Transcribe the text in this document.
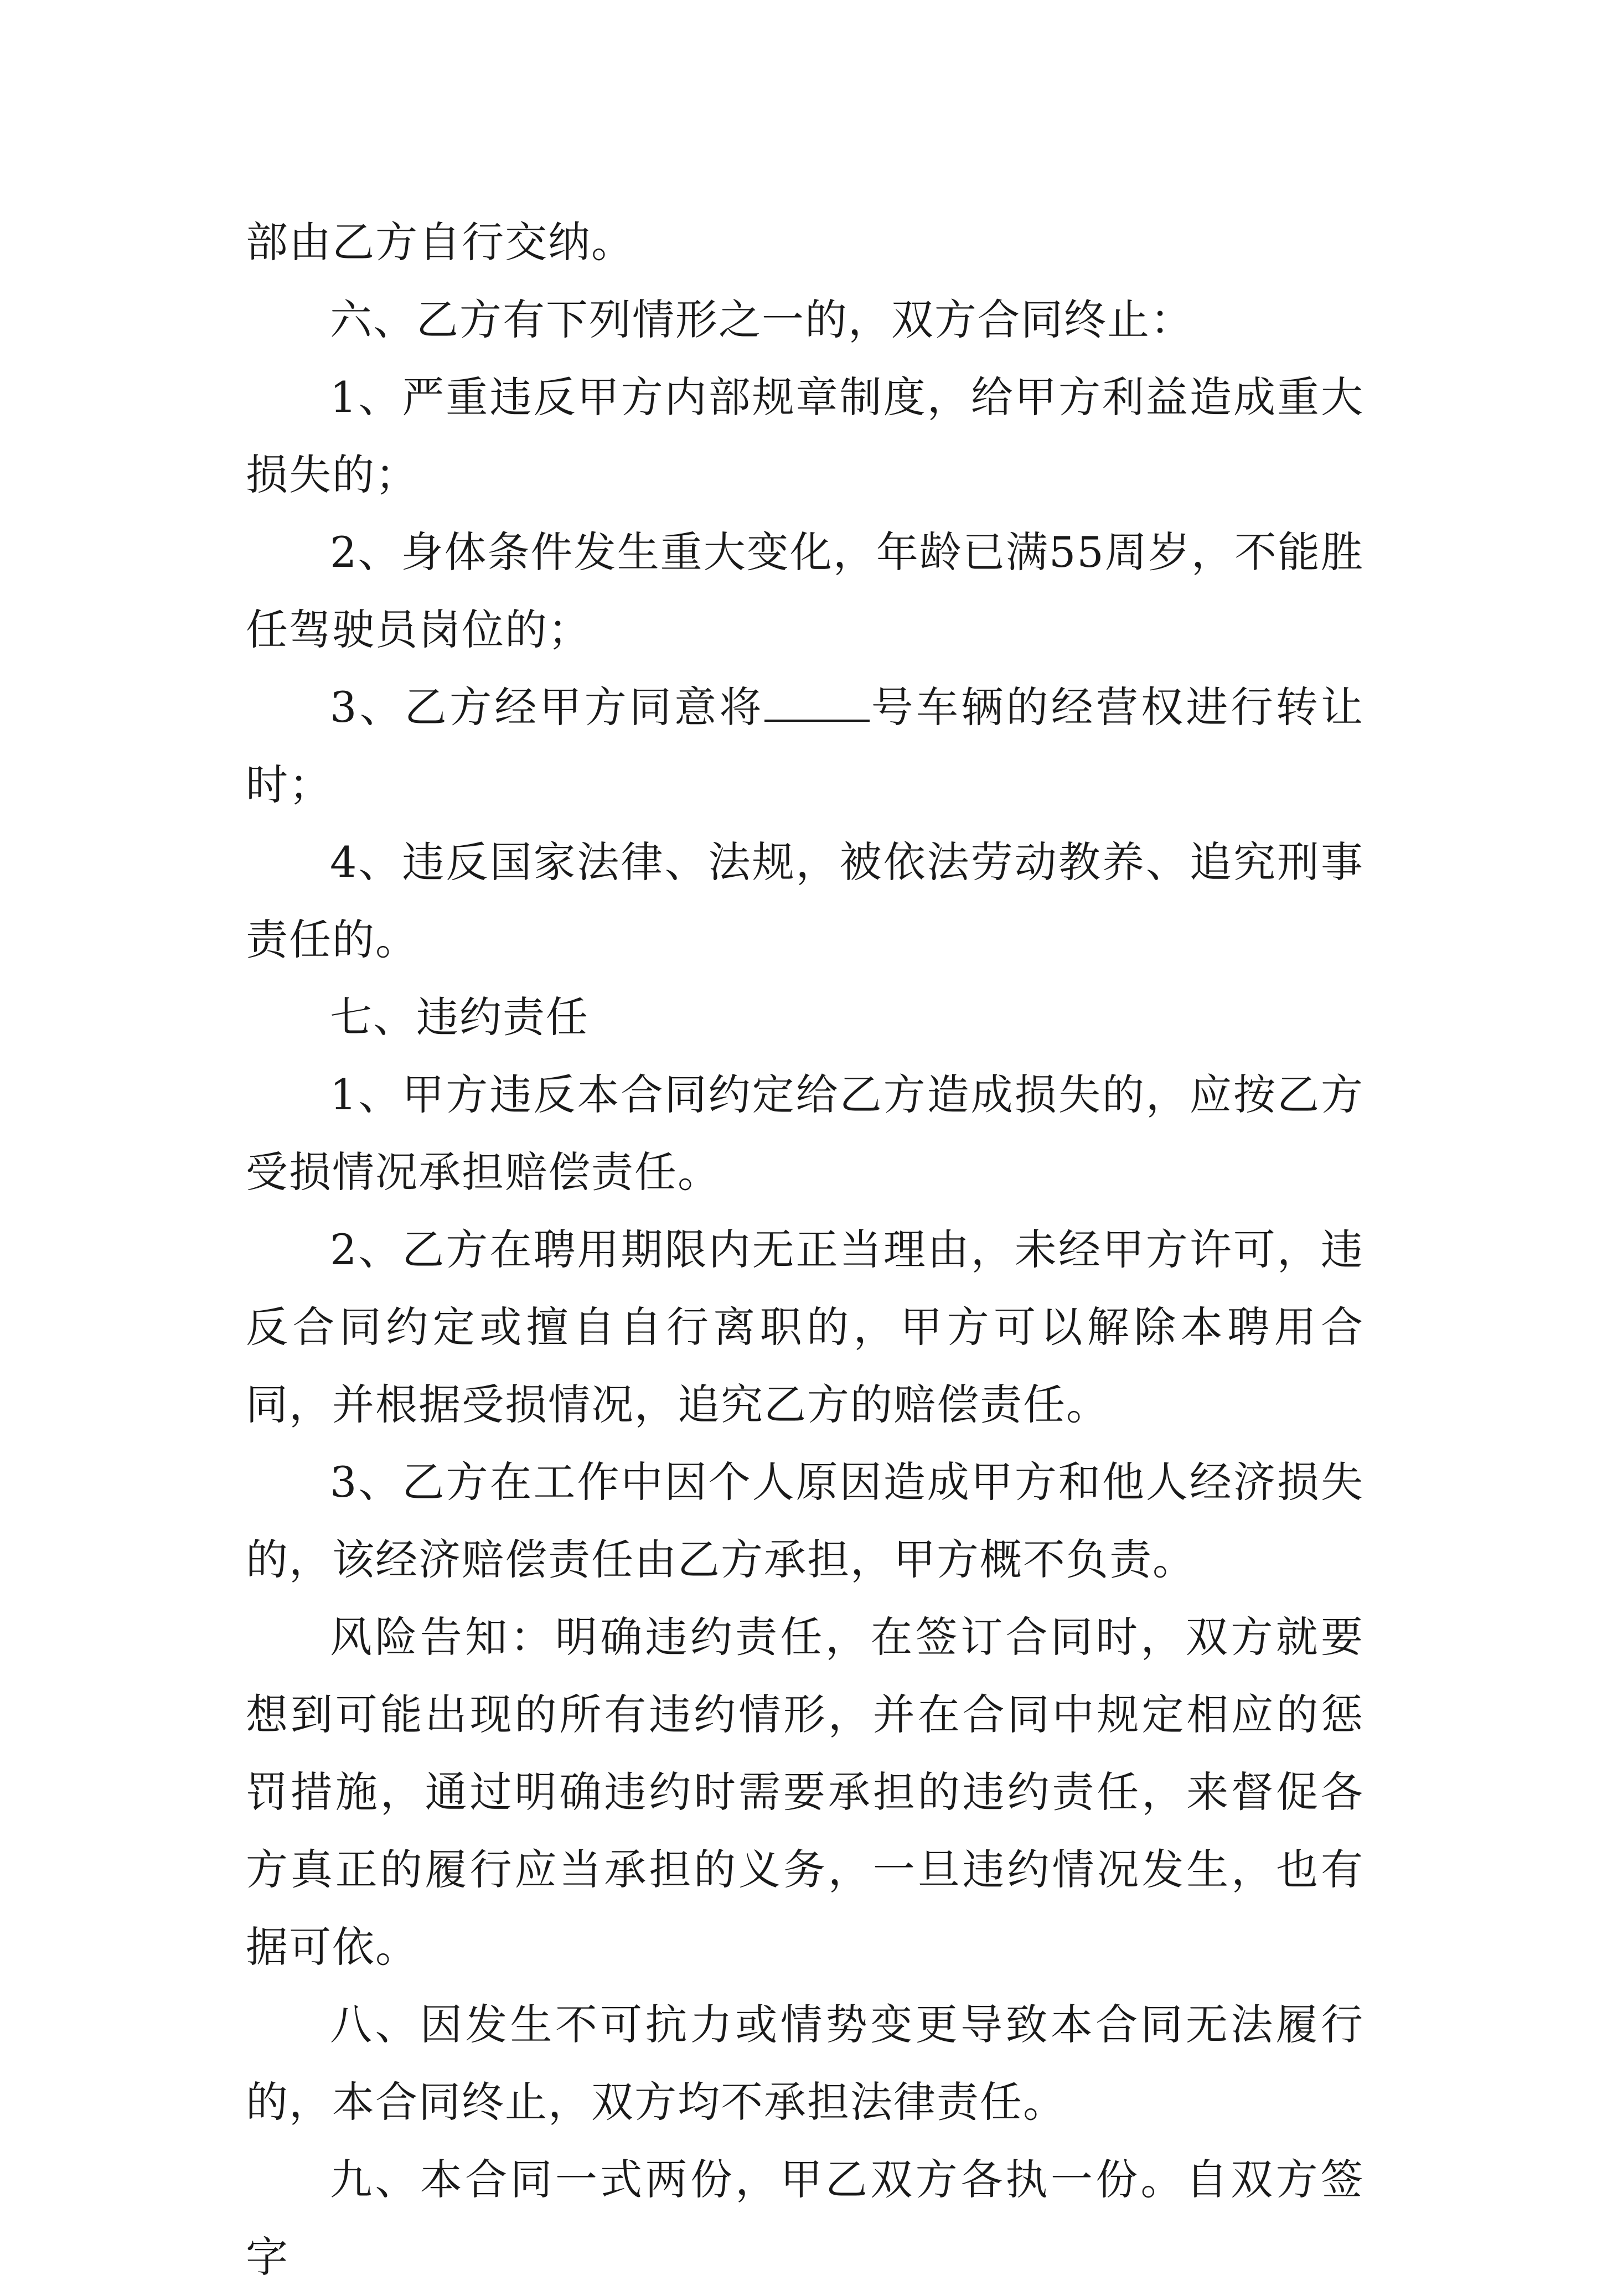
部由乙方自行交纳。

六、乙方有下列情形之一的，双方合同终止：

1、严重违反甲方内部规章制度，给甲方利益造成重大损失的；

2、身体条件发生重大变化，年龄已满55周岁，不能胜任驾驶员岗位的；

3、乙方经甲方同意将	号车辆的经营权进行转让时；

4、违反国家法律、法规，被依法劳动教养、追究刑事责任的。

七、违约责任

1、甲方违反本合同约定给乙方造成损失的，应按乙方受损情况承担赔偿责任。

2、乙方在聘用期限内无正当理由，未经甲方许可，违反合同约定或擅自自行离职的，甲方可以解除本聘用合同，并根据受损情况，追究乙方的赔偿责任。

3、乙方在工作中因个人原因造成甲方和他人经济损失的，该经济赔偿责任由乙方承担，甲方概不负责。

风险告知：明确违约责任，在签订合同时，双方就要想到可能出现的所有违约情形，并在合同中规定相应的惩罚措施，通过明确违约时需要承担的违约责任，来督促各方真正的履行应当承担的义务，一旦违约情况发生，也有据可依。

八、因发生不可抗力或情势变更导致本合同无法履行的，本合同终止，双方均不承担法律责任。

九、本合同一式两份，甲乙双方各执一份。自双方签字
